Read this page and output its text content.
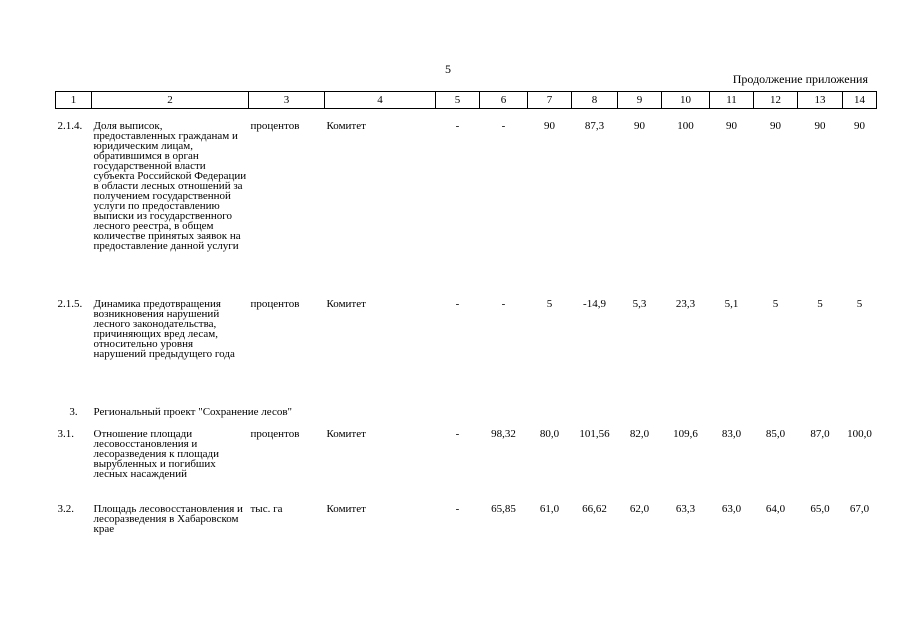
5
Продолжение приложения
1	2	3	4	5	6	7	8	9	10	11	12	13	14

2.1.4.	Доля выписок, предоставленных гражданам и юридическим лицам, обратившимся в орган государственной власти субъекта Российской Федерации в области лесных отношений за получением государственной услуги по предоставлению выписки из государственного лесного реестра, в общем количестве принятых заявок на предоставление данной услуги	процентов	Комитет	-	-	90	87,3	90	100	90	90	90	90
2.1.5.	Динамика предотвращения возникновения нарушений лесного законодательства, причиняющих вред лесам, относительно уровня нарушений предыдущего года	процентов	Комитет	-	-	5	-14,9	5,3	23,3	5,1	5	5	5
3.	Региональный проект "Сохранение лесов"												
3.1.	Отношение площади лесовосстановления и лесоразведения к площади вырубленных и погибших лесных насаждений	процентов	Комитет	-	98,32	80,0	101,56	82,0	109,6	83,0	85,0	87,0	100,0
3.2.	Площадь лесовосстановления и лесоразведения в Хабаровском крае	тыс. га	Комитет	-	65,85	61,0	66,62	62,0	63,3	63,0	64,0	65,0	67,0
